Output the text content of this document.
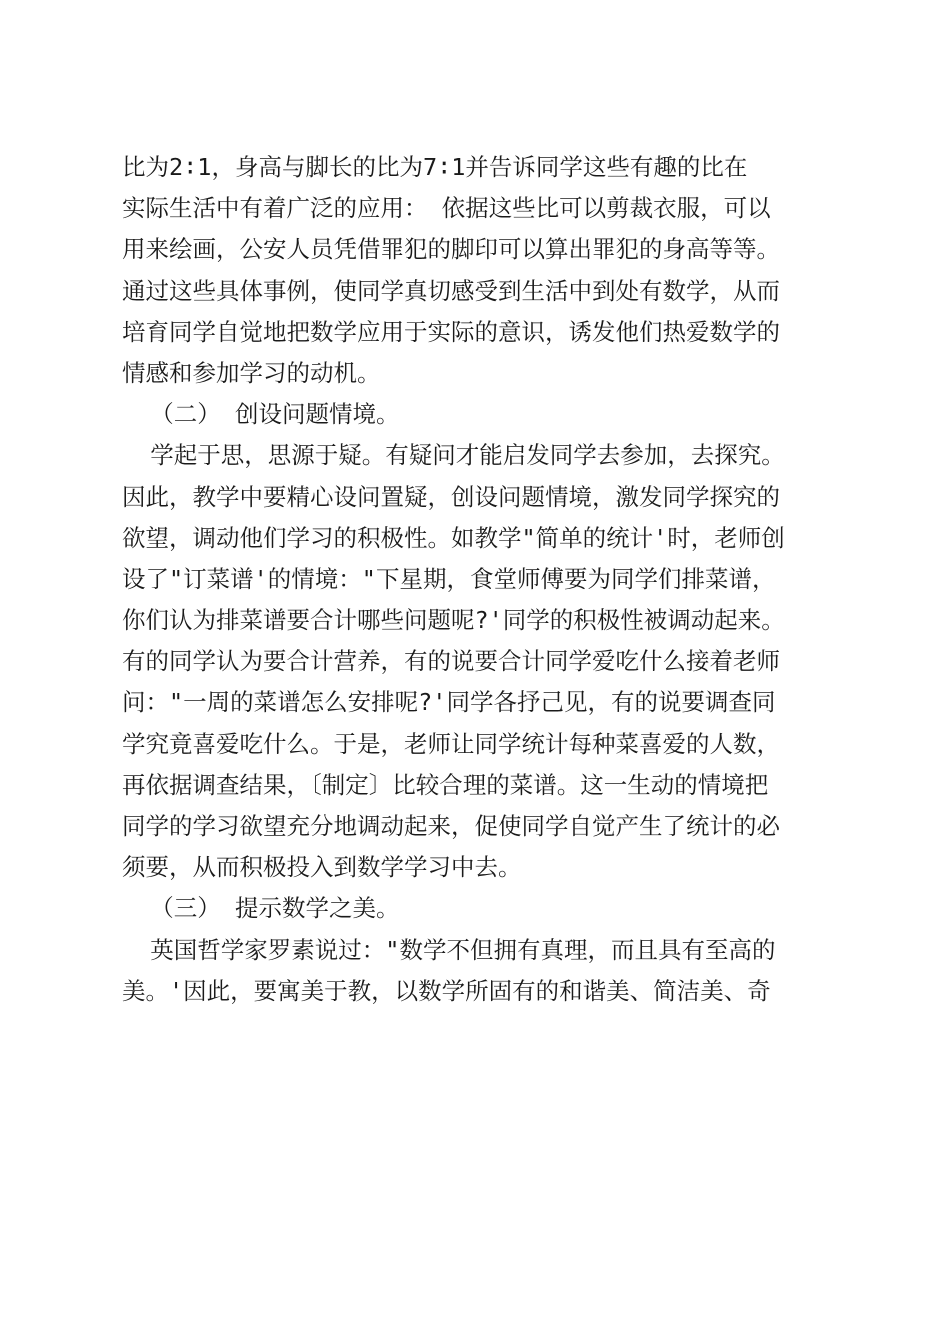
比为2∶1，身高与脚长的比为7∶1并告诉同学这些有趣的比在
实际生活中有着广泛的应用： 依据这些比可以剪裁衣服，可以
用来绘画，公安人员凭借罪犯的脚印可以算出罪犯的身高等等。
通过这些具体事例，使同学真切感受到生活中到处有数学，从而
培育同学自觉地把数学应用于实际的意识，诱发他们热爱数学的
情感和参加学习的动机。
（二） 创设问题情境。
学起于思，思源于疑。有疑问才能启发同学去参加，去探究。
因此，教学中要精心设问置疑，创设问题情境，激发同学探究的
欲望，调动他们学习的积极性。如教学"简单的统计'时，老师创
设了"订菜谱'的情境："下星期，食堂师傅要为同学们排菜谱，
你们认为排菜谱要合计哪些问题呢?'同学的积极性被调动起来。
有的同学认为要合计营养，有的说要合计同学爱吃什么接着老师
问："一周的菜谱怎么安排呢?'同学各抒己见，有的说要调查同
学究竟喜爱吃什么。于是，老师让同学统计每种菜喜爱的人数，
再依据调查结果，〔制定〕比较合理的菜谱。这一生动的情境把
同学的学习欲望充分地调动起来，促使同学自觉产生了统计的必
须要，从而积极投入到数学学习中去。
（三） 提示数学之美。
英国哲学家罗素说过："数学不但拥有真理，而且具有至高的
美。'因此，要寓美于教，以数学所固有的和谐美、简洁美、奇
